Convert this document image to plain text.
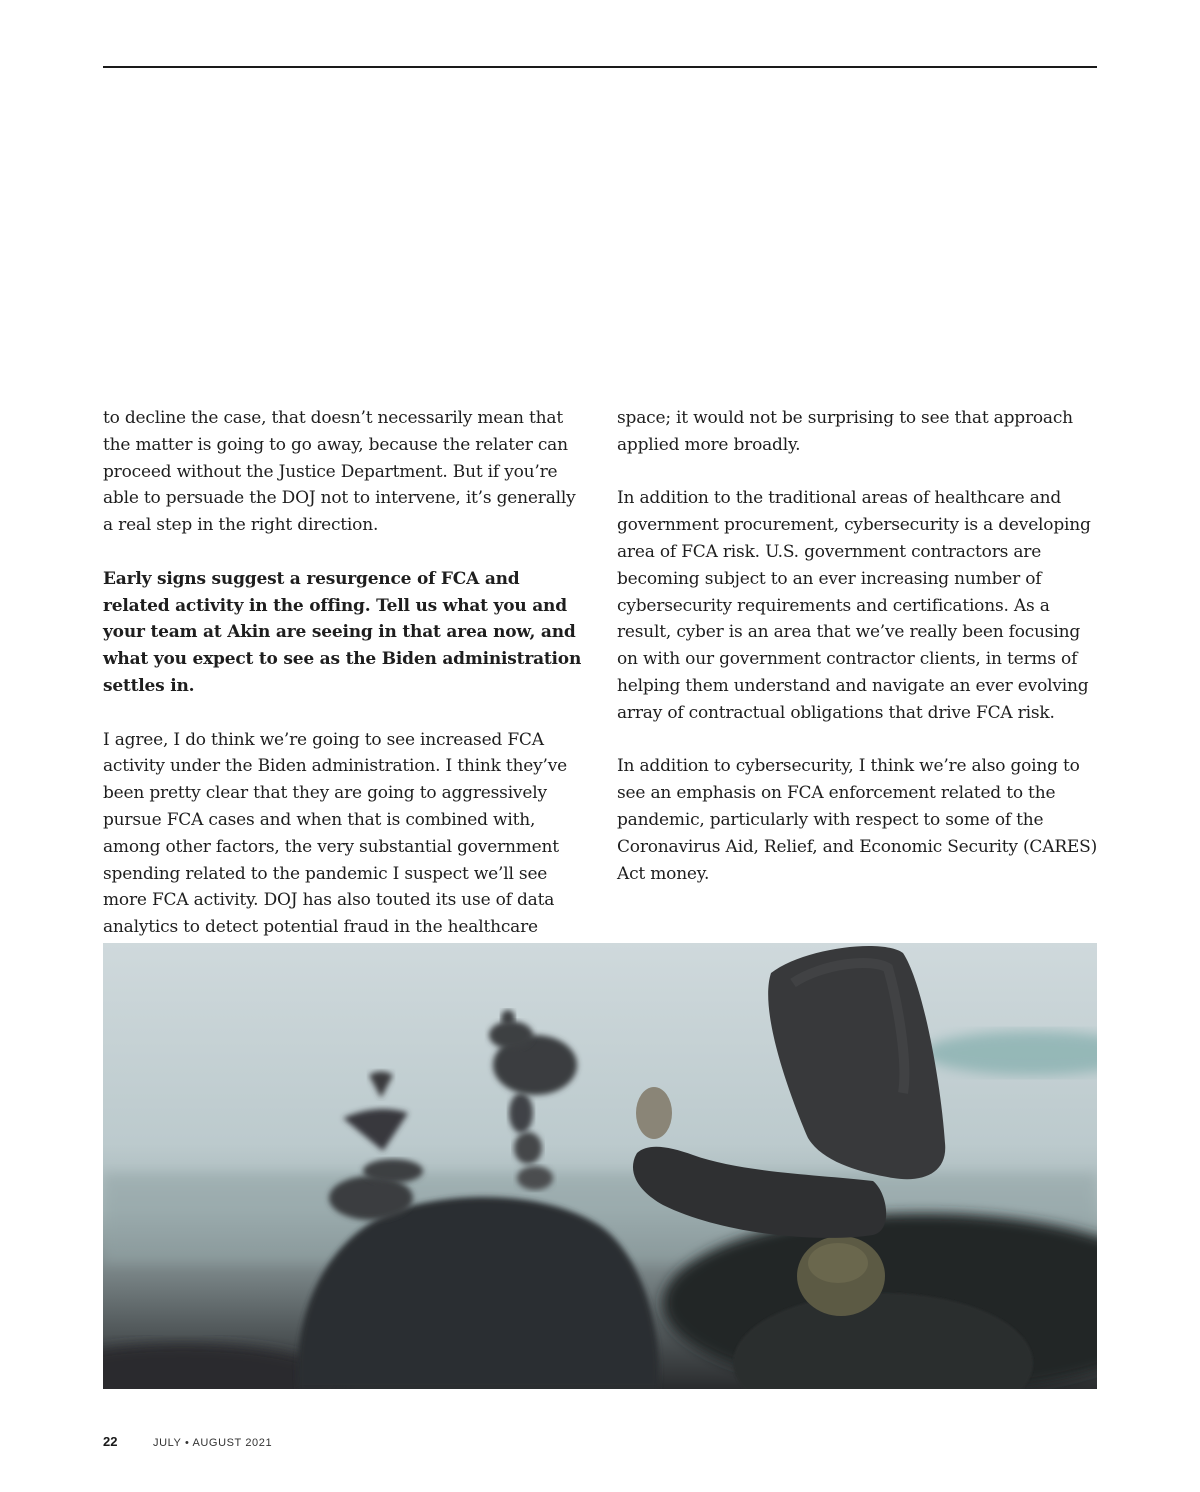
to decline the case, that doesn’t necessarily mean that the matter is going to go away, because the relater can proceed without the Justice Department. But if you’re able to persuade the DOJ not to intervene, it’s generally a real step in the right direction.

Early signs suggest a resurgence of FCA and related activity in the offing. Tell us what you and your team at Akin are seeing in that area now, and what you expect to see as the Biden administration settles in.

I agree, I do think we’re going to see increased FCA activity under the Biden administration. I think they’ve been pretty clear that they are going to aggressively pursue FCA cases and when that is combined with, among other factors, the very substantial government spending related to the pandemic I suspect we’ll see more FCA activity. DOJ has also touted its use of data analytics to detect potential fraud in the healthcare

space; it would not be surprising to see that approach applied more broadly.

In addition to the traditional areas of healthcare and government procurement, cybersecurity is a developing area of FCA risk. U.S. government contractors are becoming subject to an ever increasing number of cybersecurity requirements and certifications. As a result, cyber is an area that we’ve really been focusing on with our government contractor clients, in terms of helping them understand and navigate an ever evolving array of contractual obligations that drive FCA risk.

In addition to cybersecurity, I think we’re also going to see an emphasis on FCA enforcement related to the pandemic, particularly with respect to some of the Coronavirus Aid, Relief, and Economic Security (CARES) Act money.

22	JULY • AUGUST 2021
